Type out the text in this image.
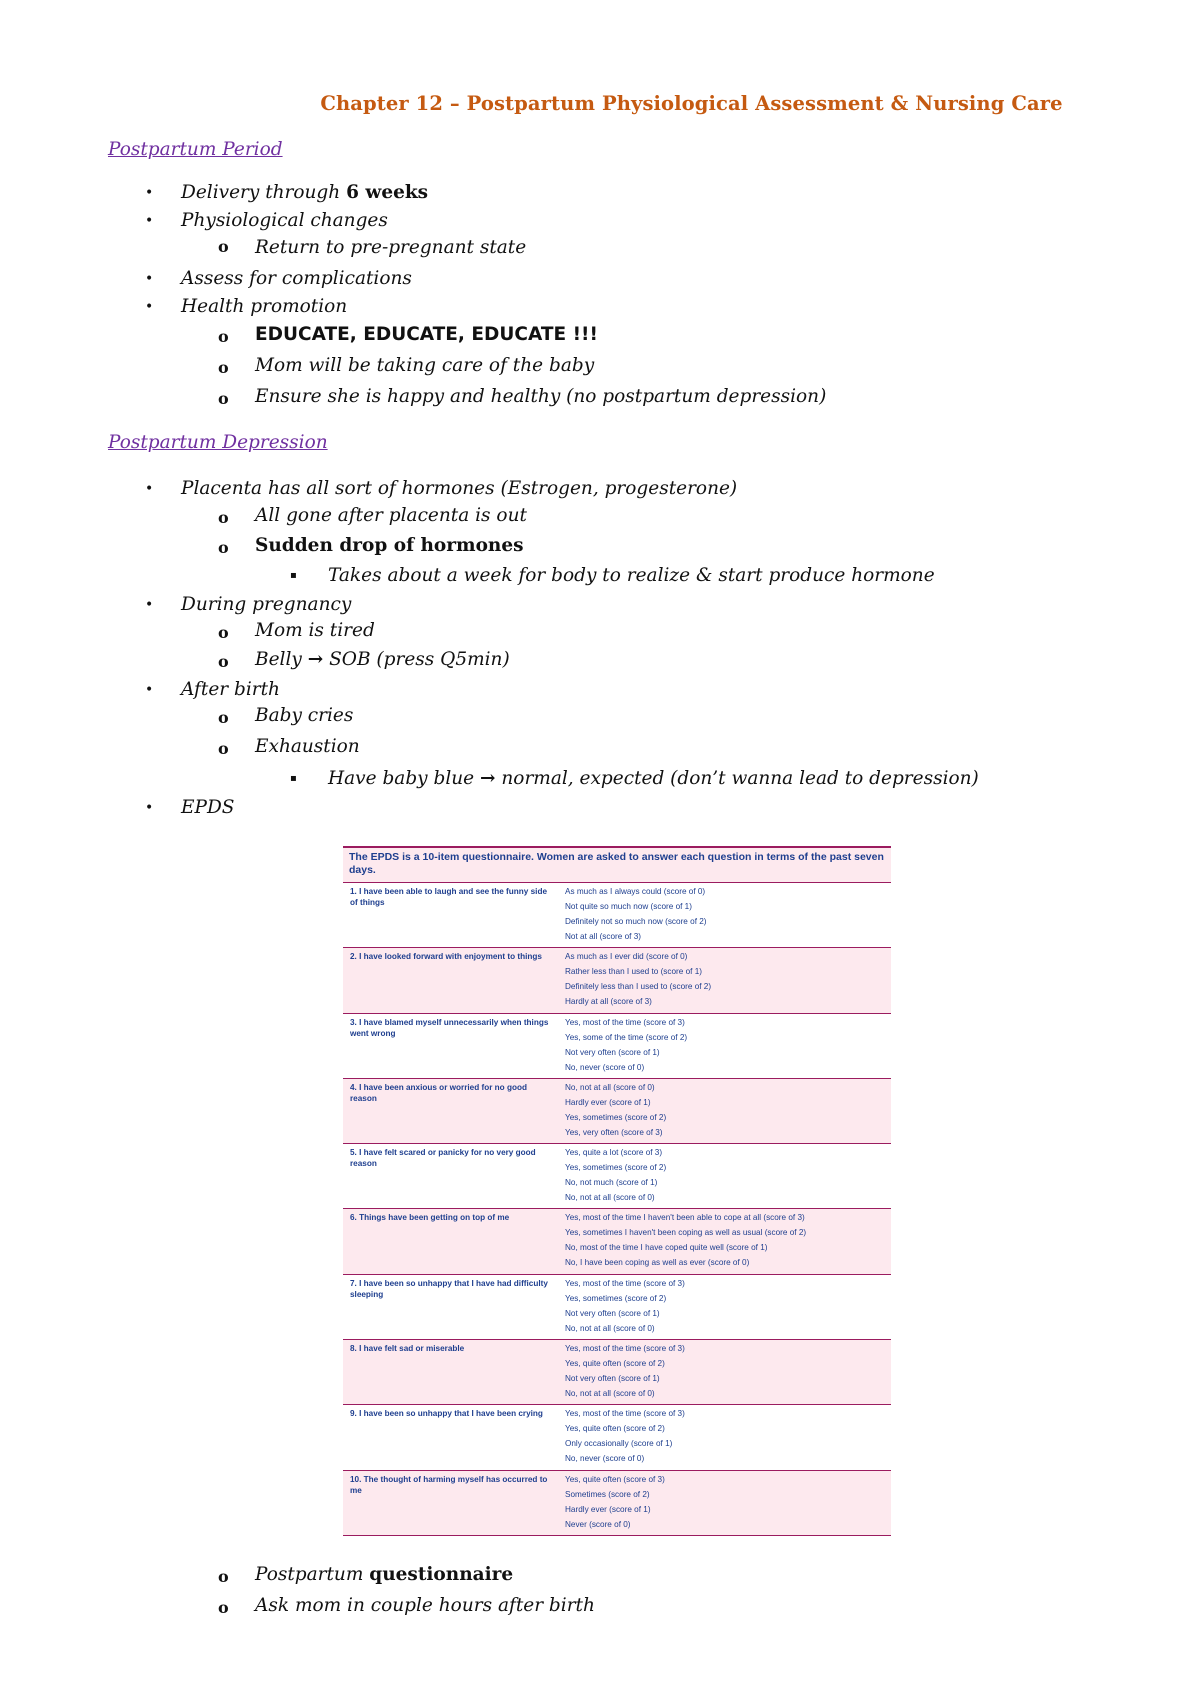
Chapter 12 – Postpartum Physiological Assessment & Nursing Care
Postpartum Period
• Delivery through 6 weeks
• Physiological changes
o Return to pre-pregnant state
• Assess for complications
• Health promotion
o EDUCATE, EDUCATE, EDUCATE !!!
o Mom will be taking care of the baby
o Ensure she is happy and healthy (no postpartum depression)
Postpartum Depression
• Placenta has all sort of hormones (Estrogen, progesterone)
o All gone after placenta is out
o Sudden drop of hormones
▪ Takes about a week for body to realize & start produce hormone
• During pregnancy
o Mom is tired
o Belly → SOB (press Q5min)
• After birth
o Baby cries
o Exhaustion
▪ Have baby blue → normal, expected (don’t wanna lead to depression)
• EPDS
The EPDS is a 10-item questionnaire. Women are asked to answer each question in terms of the past seven days.
1. I have been able to laugh and see the funny side of things
As much as I always could (score of 0)
Not quite so much now (score of 1)
Definitely not so much now (score of 2)
Not at all (score of 3)
2. I have looked forward with enjoyment to things	As much as I ever did (score of 0)
Rather less than I used to (score of 1)
Definitely less than I used to (score of 2)
Hardly at all (score of 3)
3. I have blamed myself unnecessarily when things went wrong
Yes, most of the time (score of 3)
Yes, some of the time (score of 2)
Not very often (score of 1)
No, never (score of 0)
4. I have been anxious or worried for no good reason
No, not at all (score of 0)
Hardly ever (score of 1)
Yes, sometimes (score of 2)
Yes, very often (score of 3)
5. I have felt scared or panicky for no very good reason
Yes, quite a lot (score of 3)
Yes, sometimes (score of 2)
No, not much (score of 1)
No, not at all (score of 0)
6. Things have been getting on top of me	Yes, most of the time I haven't been able to cope at all (score of 3)
Yes, sometimes I haven't been coping as well as usual (score of 2)
No, most of the time I have coped quite well (score of 1)
No, I have been coping as well as ever (score of 0)
7. I have been so unhappy that I have had difficulty sleeping
Yes, most of the time (score of 3)
Yes, sometimes (score of 2)
Not very often (score of 1)
No, not at all (score of 0)
8. I have felt sad or miserable	Yes, most of the time (score of 3)
Yes, quite often (score of 2)
Not very often (score of 1)
No, not at all (score of 0)
9. I have been so unhappy that I have been crying	Yes, most of the time (score of 3)
Yes, quite often (score of 2)
Only occasionally (score of 1)
No, never (score of 0)
10. The thought of harming myself has occurred to me
Yes, quite often (score of 3)
Sometimes (score of 2)
Hardly ever (score of 1)
Never (score of 0)
o Postpartum questionnaire
o Ask mom in couple hours after birth
